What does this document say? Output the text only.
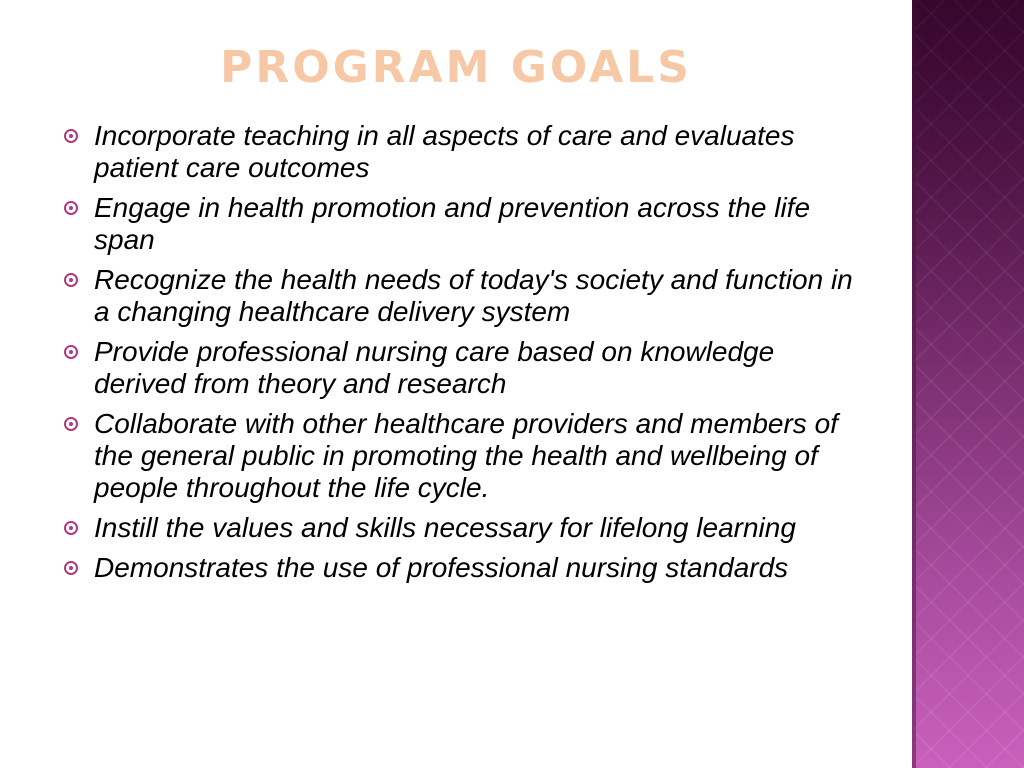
PROGRAM GOALS
Incorporate teaching in all aspects of care and evaluates patient care outcomes
Engage in health promotion and prevention across the life span
Recognize the health needs of today's society and function in a changing healthcare delivery system
Provide professional nursing care based on knowledge derived from theory and research
Collaborate with other healthcare providers and members of the general public in promoting the health and wellbeing of people throughout the life cycle.
Instill the values and skills necessary for lifelong learning
Demonstrates the use of professional nursing standards
